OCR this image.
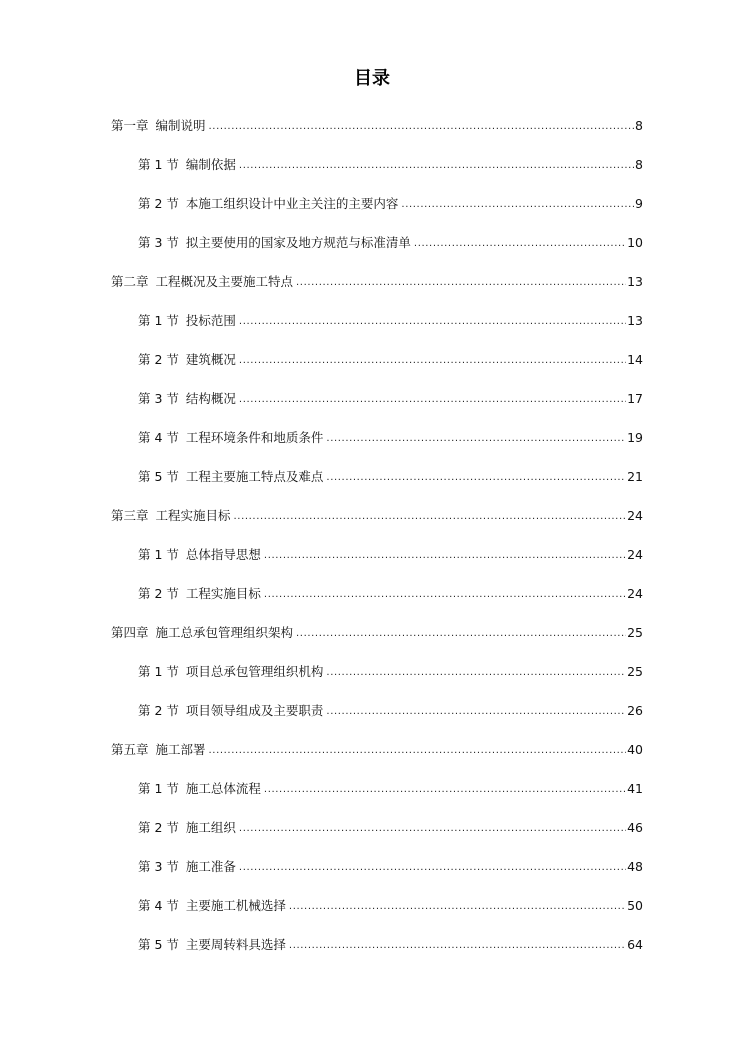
目录
第一章 编制说明 .....	8
第 1 节 编制依据 .....	8
第 2 节 本施工组织设计中业主关注的主要内容 .....	9
第 3 节 拟主要使用的国家及地方规范与标准清单 .....	10
第二章 工程概况及主要施工特点 .....	13
第 1 节 投标范围 .....	13
第 2 节 建筑概况 .....	14
第 3 节 结构概况 .....	17
第 4 节 工程环境条件和地质条件 .....	19
第 5 节 工程主要施工特点及难点 .....	21
第三章 工程实施目标 .....	24
第 1 节 总体指导思想 .....	24
第 2 节 工程实施目标 .....	24
第四章 施工总承包管理组织架构 .....	25
第 1 节 项目总承包管理组织机构 .....	25
第 2 节 项目领导组成及主要职责 .....	26
第五章 施工部署 .....	40
第 1 节 施工总体流程 .....	41
第 2 节 施工组织 .....	46
第 3 节 施工准备 .....	48
第 4 节 主要施工机械选择 .....	50
第 5 节 主要周转料具选择 .....	64
